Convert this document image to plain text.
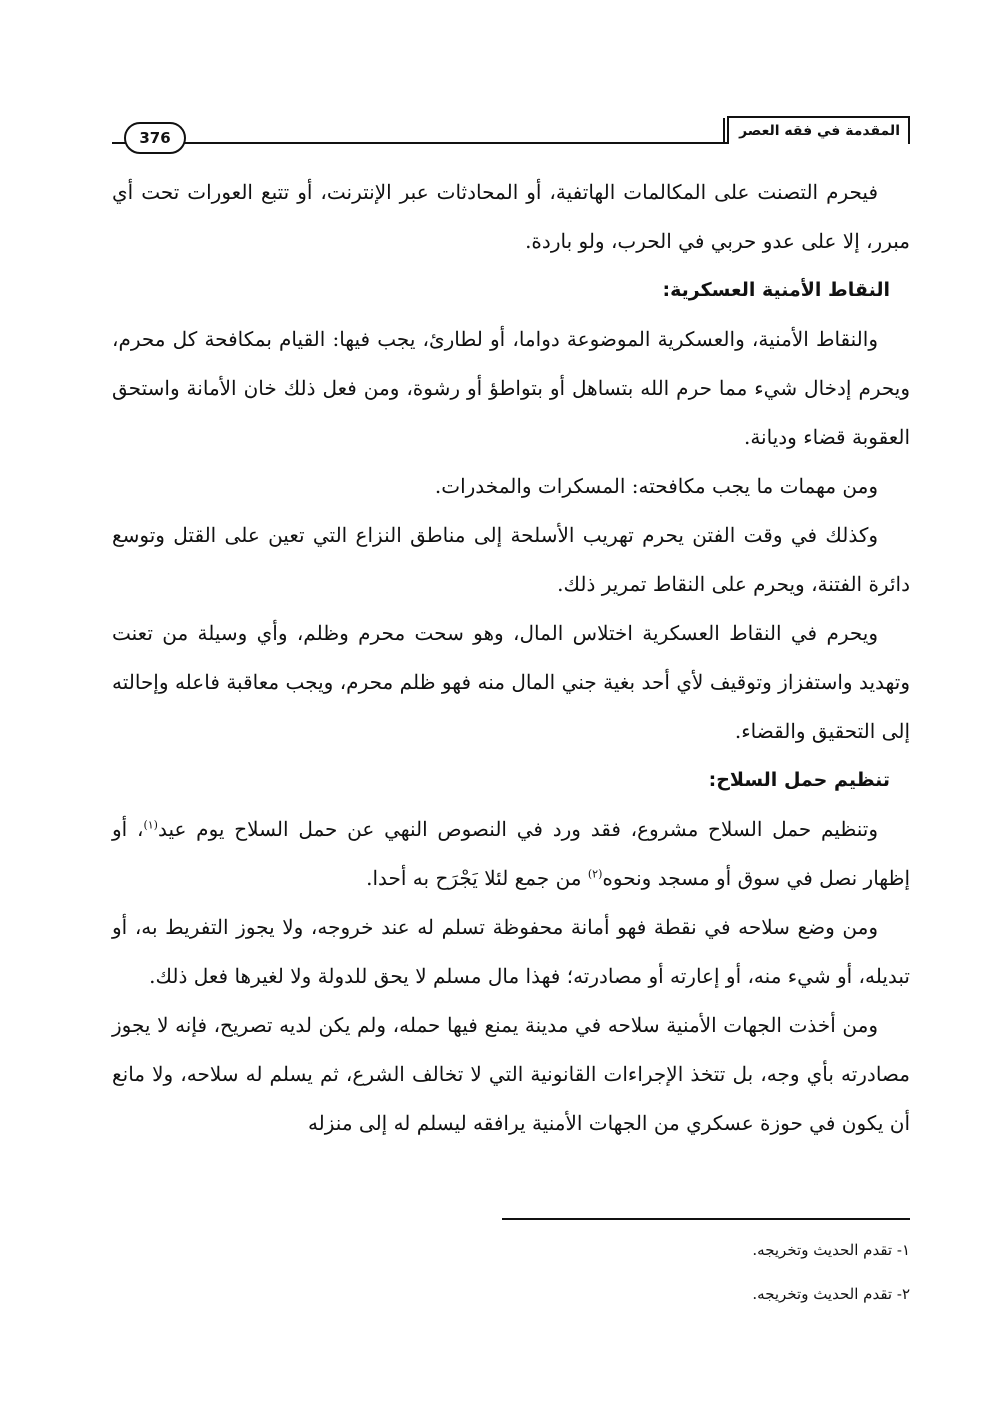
المقدمة في فقه العصر
376

فيحرم التصنت على المكالمات الهاتفية، أو المحادثات عبر الإنترنت، أو تتبع العورات تحت أي مبرر، إلا على عدو حربي في الحرب، ولو باردة.

النقاط الأمنية العسكرية:

والنقاط الأمنية، والعسكرية الموضوعة دواما، أو لطارئ، يجب فيها: القيام بمكافحة كل محرم، ويحرم إدخال شيء مما حرم الله بتساهل أو بتواطؤ أو رشوة، ومن فعل ذلك خان الأمانة واستحق العقوبة قضاء وديانة.

ومن مهمات ما يجب مكافحته: المسكرات والمخدرات.

وكذلك في وقت الفتن يحرم تهريب الأسلحة إلى مناطق النزاع التي تعين على القتل وتوسع دائرة الفتنة، ويحرم على النقاط تمرير ذلك.

ويحرم في النقاط العسكرية اختلاس المال، وهو سحت محرم وظلم، وأي وسيلة من تعنت وتهديد واستفزاز وتوقيف لأي أحد بغية جني المال منه فهو ظلم محرم، ويجب معاقبة فاعله وإحالته إلى التحقيق والقضاء.

تنظيم حمل السلاح:

وتنظيم حمل السلاح مشروع، فقد ورد في النصوص النهي عن حمل السلاح يوم عيد$^{(١)}$، أو إظهار نصل في سوق أو مسجد ونحوه$^{(٢)}$ من جمع لئلا يَجْرَح به أحدا.

ومن وضع سلاحه في نقطة فهو أمانة محفوظة تسلم له عند خروجه، ولا يجوز التفريط به، أو تبديله، أو شيء منه، أو إعارته أو مصادرته؛ فهذا مال مسلم لا يحق للدولة ولا لغيرها فعل ذلك.

ومن أخذت الجهات الأمنية سلاحه في مدينة يمنع فيها حمله، ولم يكن لديه تصريح، فإنه لا يجوز مصادرته بأي وجه، بل تتخذ الإجراءات القانونية التي لا تخالف الشرع، ثم يسلم له سلاحه، ولا مانع أن يكون في حوزة عسكري من الجهات الأمنية يرافقه ليسلم له إلى منزله

١- تقدم الحديث وتخريجه.

٢- تقدم الحديث وتخريجه.
